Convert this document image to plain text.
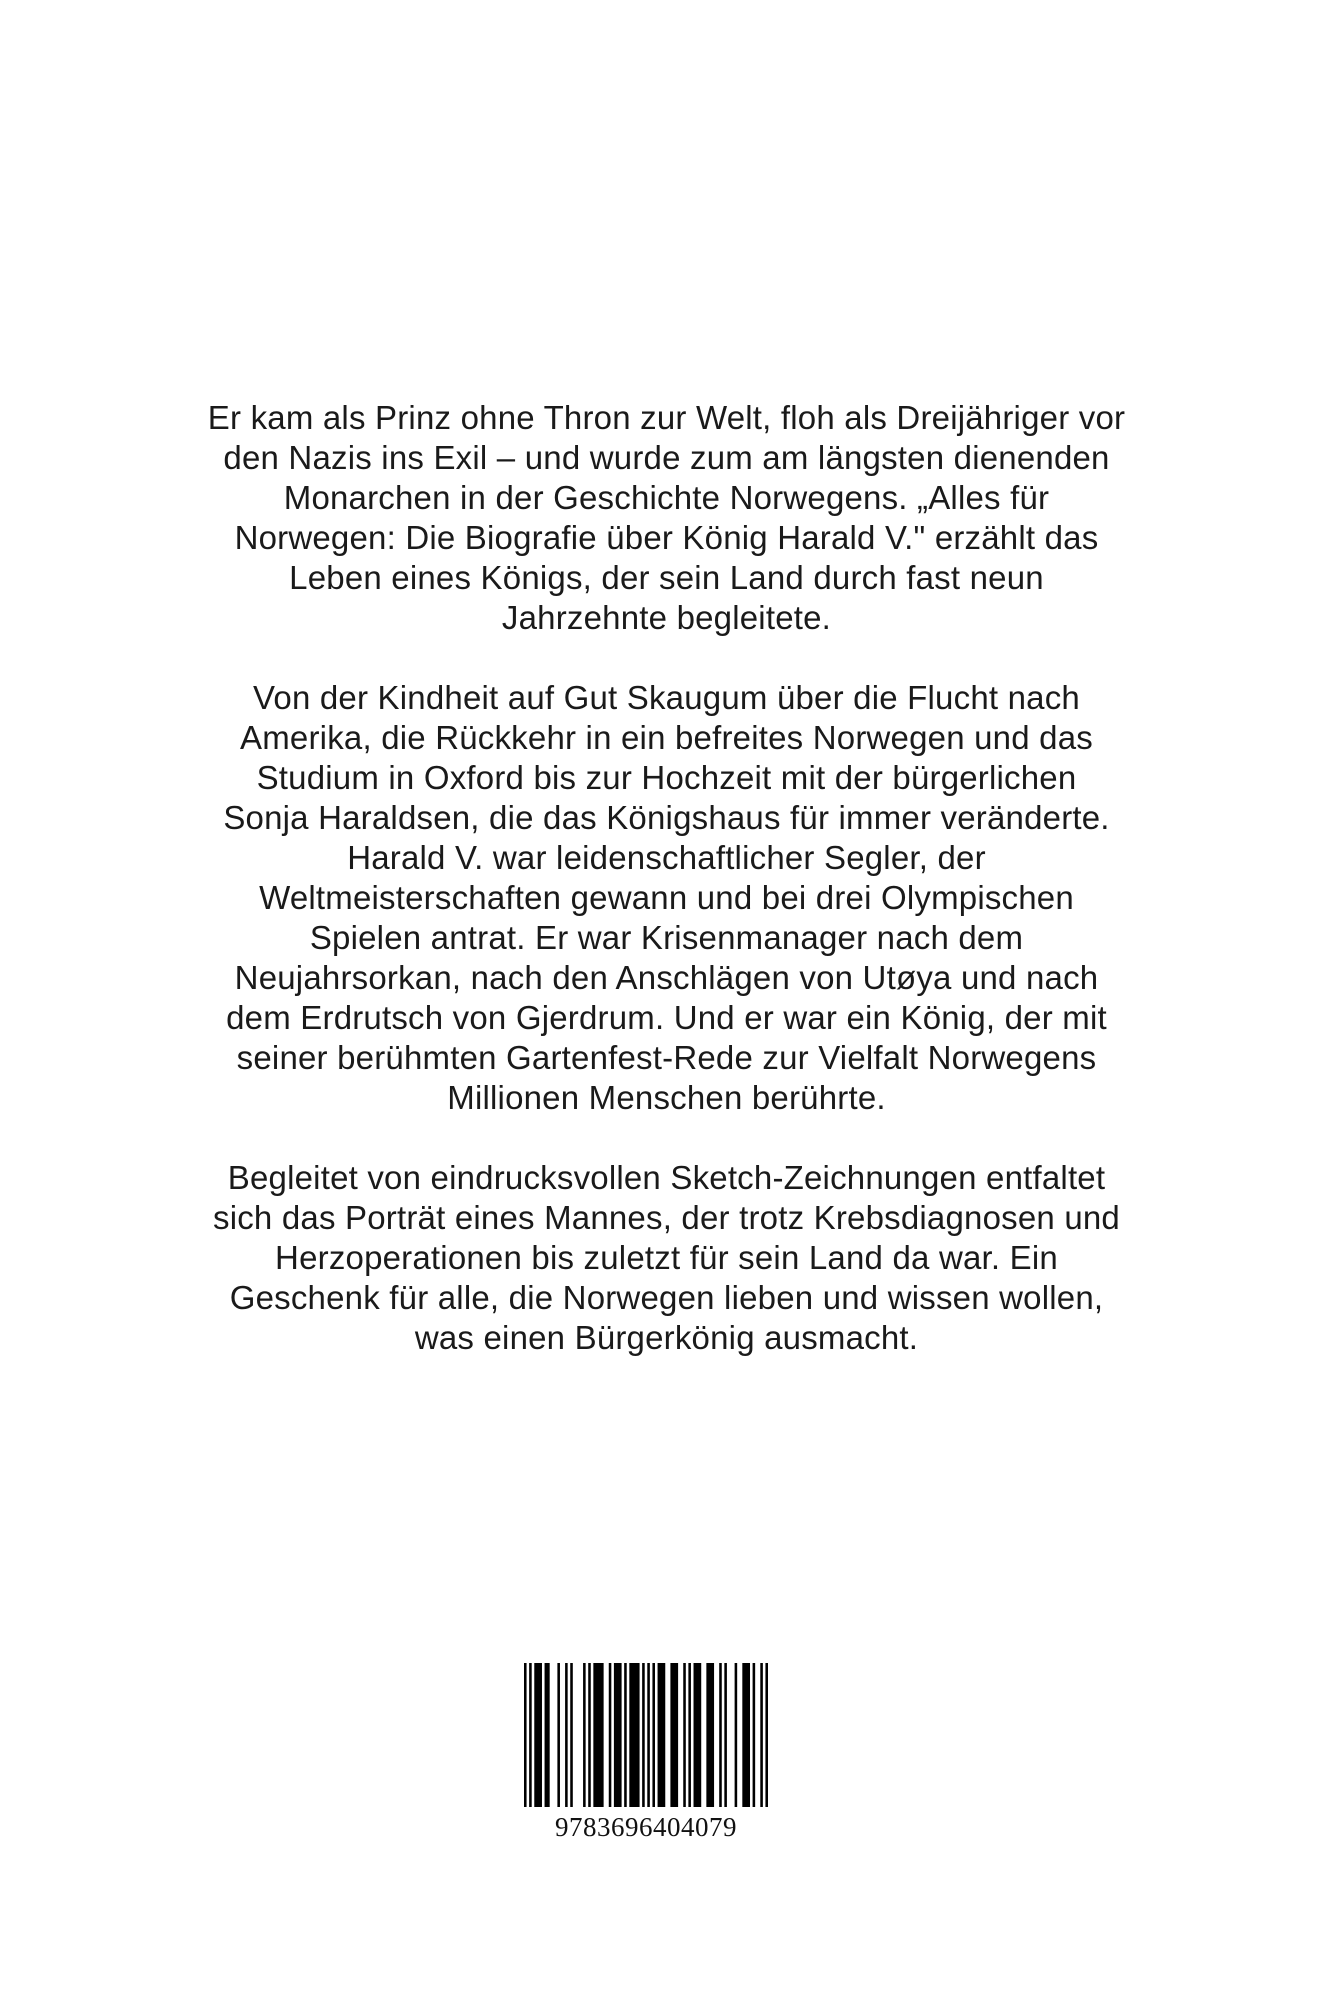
Er kam als Prinz ohne Thron zur Welt, floh als Dreijähriger vor
den Nazis ins Exil – und wurde zum am längsten dienenden
Monarchen in der Geschichte Norwegens. „Alles für
Norwegen: Die Biografie über König Harald V." erzählt das
Leben eines Königs, der sein Land durch fast neun
Jahrzehnte begleitete.

Von der Kindheit auf Gut Skaugum über die Flucht nach
Amerika, die Rückkehr in ein befreites Norwegen und das
Studium in Oxford bis zur Hochzeit mit der bürgerlichen
Sonja Haraldsen, die das Königshaus für immer veränderte.
Harald V. war leidenschaftlicher Segler, der
Weltmeisterschaften gewann und bei drei Olympischen
Spielen antrat. Er war Krisenmanager nach dem
Neujahrsorkan, nach den Anschlägen von Utøya und nach
dem Erdrutsch von Gjerdrum. Und er war ein König, der mit
seiner berühmten Gartenfest-Rede zur Vielfalt Norwegens
Millionen Menschen berührte.

Begleitet von eindrucksvollen Sketch-Zeichnungen entfaltet
sich das Porträt eines Mannes, der trotz Krebsdiagnosen und
Herzoperationen bis zuletzt für sein Land da war. Ein
Geschenk für alle, die Norwegen lieben und wissen wollen,
was einen Bürgerkönig ausmacht.

9783696404079
